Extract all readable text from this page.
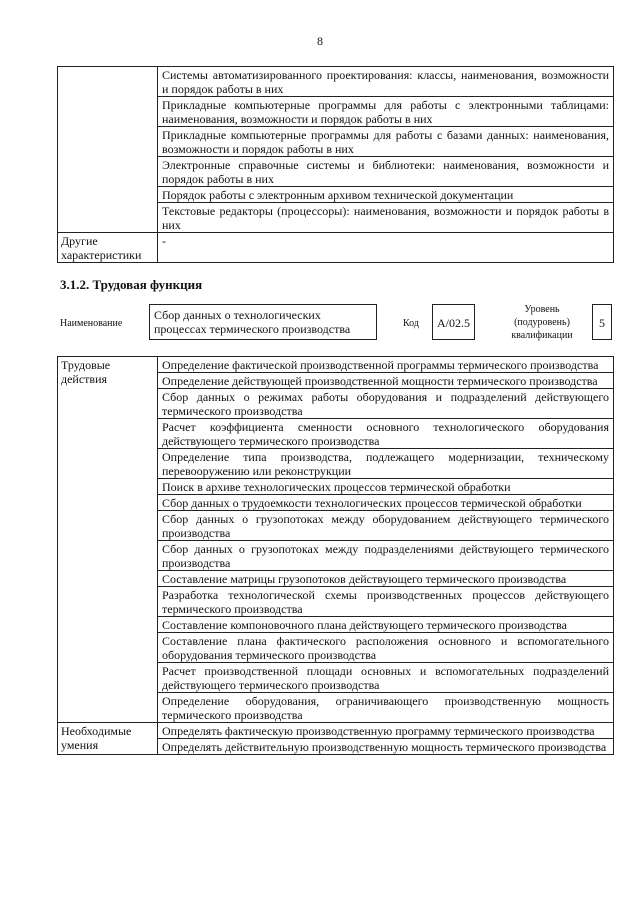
8
	Системы автоматизированного проектирования: классы, наименования, возможности и порядок работы в них
	Прикладные компьютерные программы для работы с электронными таблицами: наименования, возможности и порядок работы в них
	Прикладные компьютерные программы для работы с базами данных: наименования, возможности и порядок работы в них
	Электронные справочные системы и библиотеки: наименования, возможности и порядок работы в них
	Порядок работы с электронным архивом технической документации
	Текстовые редакторы (процессоры): наименования, возможности и порядок работы в них
Другие характеристики	-
3.1.2. Трудовая функция
Наименование
Сбор данных о технологических процессах термического производства	Код	A/02.5
Уровень (подуровень) квалификации
5
Трудовые действия	Определение фактической производственной программы термического производства
	Определение действующей производственной мощности термического производства
	Сбор данных о режимах работы оборудования и подразделений действующего термического производства
	Расчет коэффициента сменности основного технологического оборудования действующего термического производства
	Определение типа производства, подлежащего модернизации, техническому перевооружению или реконструкции
	Поиск в архиве технологических процессов термической обработки
	Сбор данных о трудоемкости технологических процессов термической обработки
	Сбор данных о грузопотоках между оборудованием действующего термического производства
	Сбор данных о грузопотоках между подразделениями действующего термического производства
	Составление матрицы грузопотоков действующего термического производства
	Разработка технологической схемы производственных процессов действующего термического производства
	Составление компоновочного плана действующего термического производства
	Составление плана фактического расположения основного и вспомогательного оборудования термического производства
	Расчет производственной площади основных и вспомогательных подразделений действующего термического производства
	Определение оборудования, ограничивающего производственную мощность термического производства
Необходимые умения	Определять фактическую производственную программу термического производства
	Определять действительную производственную мощность термического производства
